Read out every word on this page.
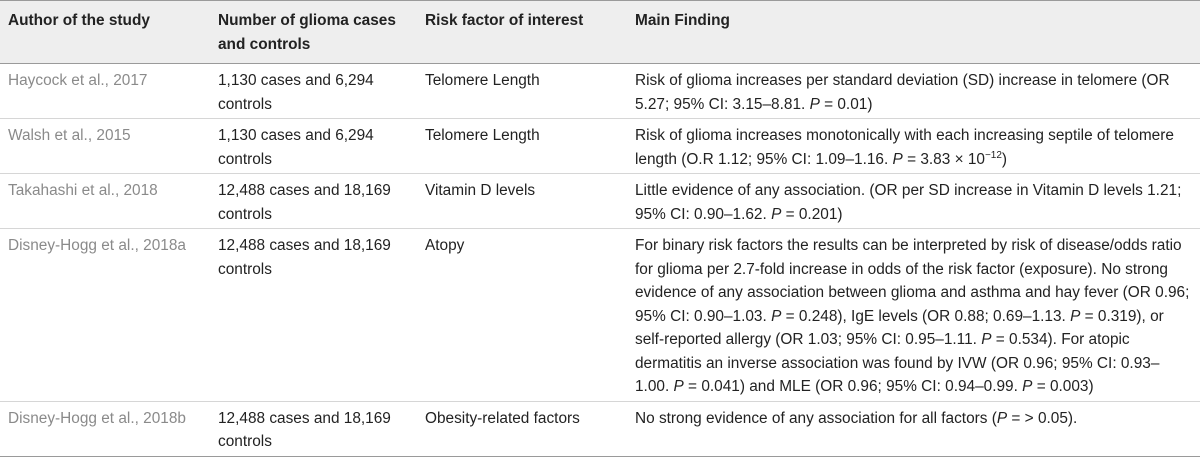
Author of the study	Number of glioma cases and controls	Risk factor of interest	Main Finding
Haycock et al., 2017	1,130 cases and 6,294 controls	Telomere Length	Risk of glioma increases per standard deviation (SD) increase in telomere (OR 5.27; 95% CI: 3.15–8.81. P = 0.01)
Walsh et al., 2015	1,130 cases and 6,294 controls	Telomere Length	Risk of glioma increases monotonically with each increasing septile of telomere length (O.R 1.12; 95% CI: 1.09–1.16. $P = 3.83 \times 10^{-12}$)
Takahashi et al., 2018	12,488 cases and 18,169 controls	Vitamin D levels	Little evidence of any association. (OR per SD increase in Vitamin D levels 1.21; 95% CI: 0.90–1.62. P = 0.201)
Disney-Hogg et al., 2018a	12,488 cases and 18,169 controls	Atopy	For binary risk factors the results can be interpreted by risk of disease/odds ratio for glioma per 2.7-fold increase in odds of the risk factor (exposure). No strong evidence of any association between glioma and asthma and hay fever (OR 0.96; 95% CI: 0.90–1.03. P = 0.248), IgE levels (OR 0.88; 0.69–1.13. P = 0.319), or self-reported allergy (OR 1.03; 95% CI: 0.95–1.11. P = 0.534). For atopic dermatitis an inverse association was found by IVW (OR 0.96; 95% CI: 0.93–1.00. P = 0.041) and MLE (OR 0.96; 95% CI: 0.94–0.99. P = 0.003)
Disney-Hogg et al., 2018b	12,488 cases and 18,169 controls	Obesity-related factors	No strong evidence of any association for all factors (P = > 0.05).
